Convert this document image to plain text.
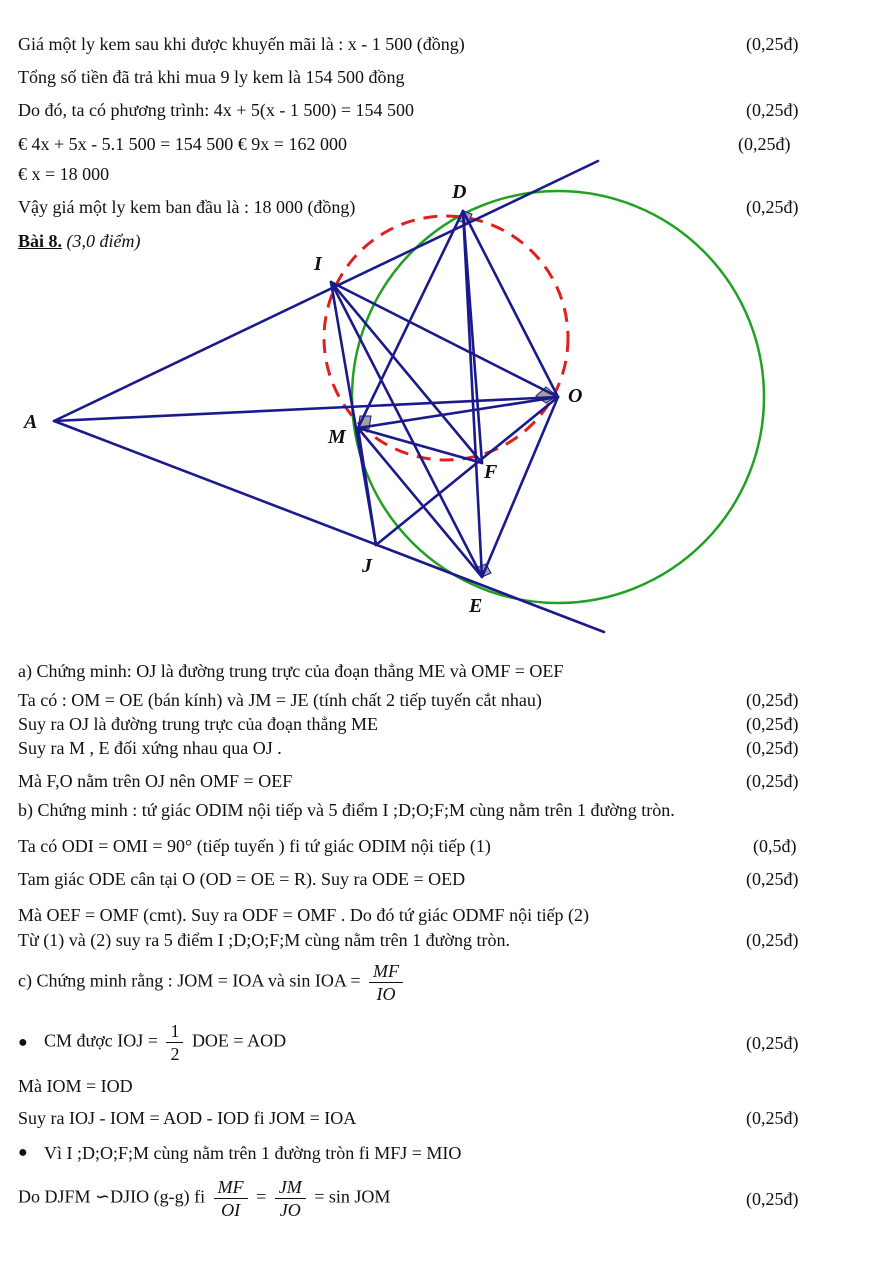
Giá một ly kem sau khi được khuyến mãi là : x - 1 500 (đồng)	(0,25đ)
Tổng số tiền đã trả khi mua 9 ly kem là 154 500 đồng
Do đó, ta có phương trình: 4x + 5(x - 1 500) = 154 500	(0,25đ)
€ 4x + 5x - 5.1 500 = 154 500 € 9x = 162 000	(0,25đ)
€ x = 18 000
Vậy giá một ly kem ban đầu là : 18 000 (đồng)	(0,25đ)
Bài 8. (3,0 điểm)
A
D
I
O
M
F
J
E
a) Chứng minh: OJ là đường trung trực của đoạn thẳng ME và OMF = OEF
Ta có : OM = OE (bán kính) và JM = JE (tính chất 2 tiếp tuyến cắt nhau)	(0,25đ)
Suy ra OJ là đường trung trực của đoạn thẳng ME	(0,25đ)
Suy ra M , E đối xứng nhau qua OJ .	(0,25đ)
Mà F,O nằm trên OJ nên OMF = OEF	(0,25đ)
b) Chứng minh : tứ giác ODIM nội tiếp và 5 điểm I ;D;O;F;M cùng nằm trên 1 đường tròn.
Ta có ODI = OMI = 90° (tiếp tuyến ) fi tứ giác ODIM nội tiếp (1)	(0,5đ)
Tam giác ODE cân tại O (OD = OE = R). Suy ra ODE = OED	(0,25đ)
Mà OEF = OMF (cmt). Suy ra ODF = OMF . Do đó tứ giác ODMF nội tiếp (2)
Từ (1) và (2) suy ra 5 điểm I ;D;O;F;M cùng nằm trên 1 đường tròn.	(0,25đ)
c) Chứng minh rằng : JOM = IOA và sin IOA = $\frac{MF}{IO}$
● CM được IOJ = $\frac{1}{2}$ DOE = AOD	(0,25đ)
Mà IOM = IOD
Suy ra IOJ - IOM = AOD - IOD fi JOM = IOA	(0,25đ)
● Vì I ;D;O;F;M cùng nằm trên 1 đường tròn fi MFJ = MIO
Do DJFM ∽DJIO (g-g) fi $\frac{MF}{OI} = \frac{JM}{JO} = \sin$ JOM	(0,25đ)
